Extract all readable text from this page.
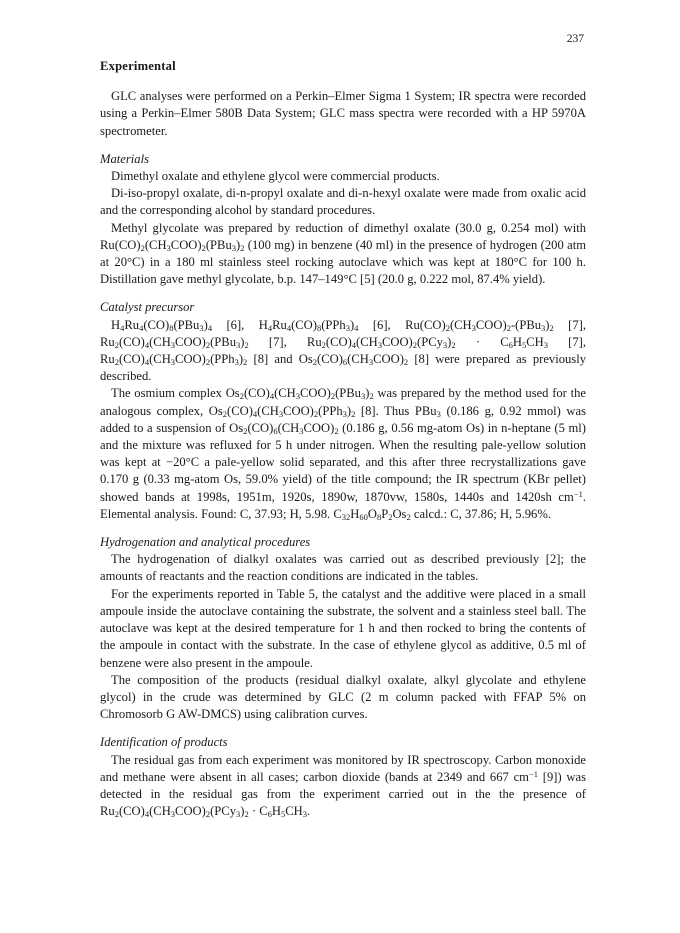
237
Experimental

GLC analyses were performed on a Perkin–Elmer Sigma 1 System; IR spectra were recorded using a Perkin–Elmer 580B Data System; GLC mass spectra were recorded with a HP 5970A spectrometer.

Materials

Dimethyl oxalate and ethylene glycol were commercial products.

Di-iso-propyl oxalate, di-n-propyl oxalate and di-n-hexyl oxalate were made from oxalic acid and the corresponding alcohol by standard procedures.

Methyl glycolate was prepared by reduction of dimethyl oxalate (30.0 g, 0.254 mol) with $Ru(CO)_2(CH_3COO)_2(PBu_3)_2$ (100 mg) in benzene (40 ml) in the presence of hydrogen (200 atm at 20°C) in a 180 ml stainless steel rocking autoclave which was kept at 180°C for 100 h. Distillation gave methyl glycolate, b.p. 147–149°C [5] (20.0 g, 0.222 mol, 87.4% yield).

Catalyst precursor

$H_4Ru_4(CO)_8(PBu_3)_4$ [6], $H_4Ru_4(CO)_8(PPh_3)_4$ [6], $Ru(CO)_2(CH_3COO)_2-(PBu_3)_2$ [7], $Ru_2(CO)_4(CH_3COO)_2(PBu_3)_2$ [7], $Ru_2(CO)_4(CH_3COO)_2(PCy_3)_2 \cdot C_6H_5CH_3$ [7], $Ru_2(CO)_4(CH_3COO)_2(PPh_3)_2$ [8] and $Os_2(CO)_6(CH_3COO)_2$ [8] were prepared as previously described.

The osmium complex $Os_2(CO)_4(CH_3COO)_2(PBu_3)_2$ was prepared by the method used for the analogous complex, $Os_2(CO)_4(CH_3COO)_2(PPh_3)_2$ [8]. Thus PBu$_3$ (0.186 g, 0.92 mmol) was added to a suspension of $Os_2(CO)_6(CH_3COO)_2$ (0.186 g, 0.56 mg-atom Os) in n-heptane (5 ml) and the mixture was refluxed for 5 h under nitrogen. When the resulting pale-yellow solution was kept at −20°C a pale-yellow solid separated, and this after three recrystallizations gave 0.170 g (0.33 mg-atom Os, 59.0% yield) of the title compound; the IR spectrum (KBr pellet) showed bands at 1998s, 1951m, 1920s, 1890w, 1870vw, 1580s, 1440s and 1420sh $cm^{-1}$. Elemental analysis. Found: C, 37.93; H, 5.98. $C_{32}H_{60}O_8P_2Os_2$ calcd.: C, 37.86; H, 5.96%.

Hydrogenation and analytical procedures

The hydrogenation of dialkyl oxalates was carried out as described previously [2]; the amounts of reactants and the reaction conditions are indicated in the tables.

For the experiments reported in Table 5, the catalyst and the additive were placed in a small ampoule inside the autoclave containing the substrate, the solvent and a stainless steel ball. The autoclave was kept at the desired temperature for 1 h and then rocked to bring the contents of the ampoule in contact with the substrate. In the case of ethylene glycol as additive, 0.5 ml of benzene were also present in the ampoule.

The composition of the products (residual dialkyl oxalate, alkyl glycolate and ethylene glycol) in the crude was determined by GLC (2 m column packed with FFAP 5% on Chromosorb G AW-DMCS) using calibration curves.

Identification of products

The residual gas from each experiment was monitored by IR spectroscopy. Carbon monoxide and methane were absent in all cases; carbon dioxide (bands at 2349 and 667 $cm^{-1}$ [9]) was detected in the residual gas from the experiment carried out in the the presence of $Ru_2(CO)_4(CH_3COO)_2(PCy_3)_2 \cdot C_6H_5CH_3$.
